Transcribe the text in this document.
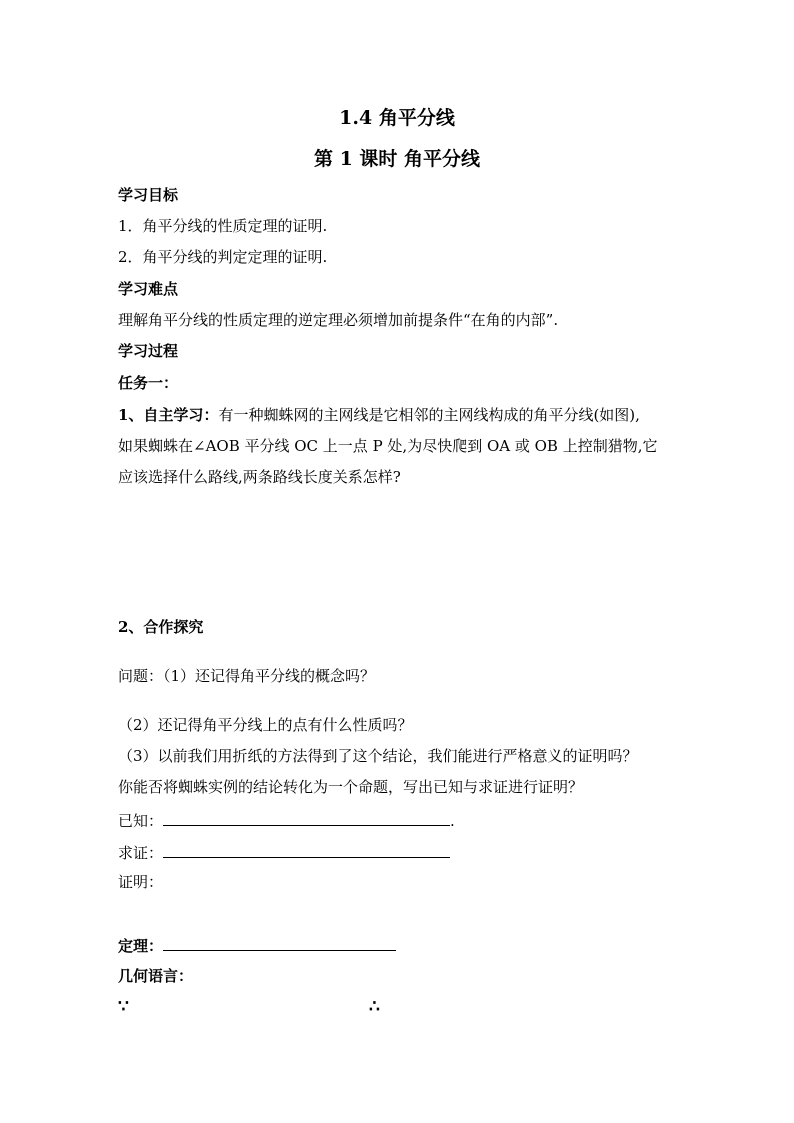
1.4 角平分线
第 1 课时 角平分线
学习目标
1．角平分线的性质定理的证明.
2．角平分线的判定定理的证明.
学习难点
理解角平分线的性质定理的逆定理必须增加前提条件“在角的内部”.
学习过程
任务一：
1、自主学习：有一种蜘蛛网的主网线是它相邻的主网线构成的角平分线(如图),
如果蜘蛛在∠AOB 平分线 OC 上一点 P 处,为尽快爬到 OA 或 OB 上控制猎物,它
应该选择什么路线,两条路线长度关系怎样?
2、合作探究
问题：（1）还记得角平分线的概念吗？
（2）还记得角平分线上的点有什么性质吗？
（3）以前我们用折纸的方法得到了这个结论，我们能进行严格意义的证明吗？
你能否将蜘蛛实例的结论转化为一个命题，写出已知与求证进行证明？
已知：	.
求证：
证明：
定理：
几何语言：
∵	∴
